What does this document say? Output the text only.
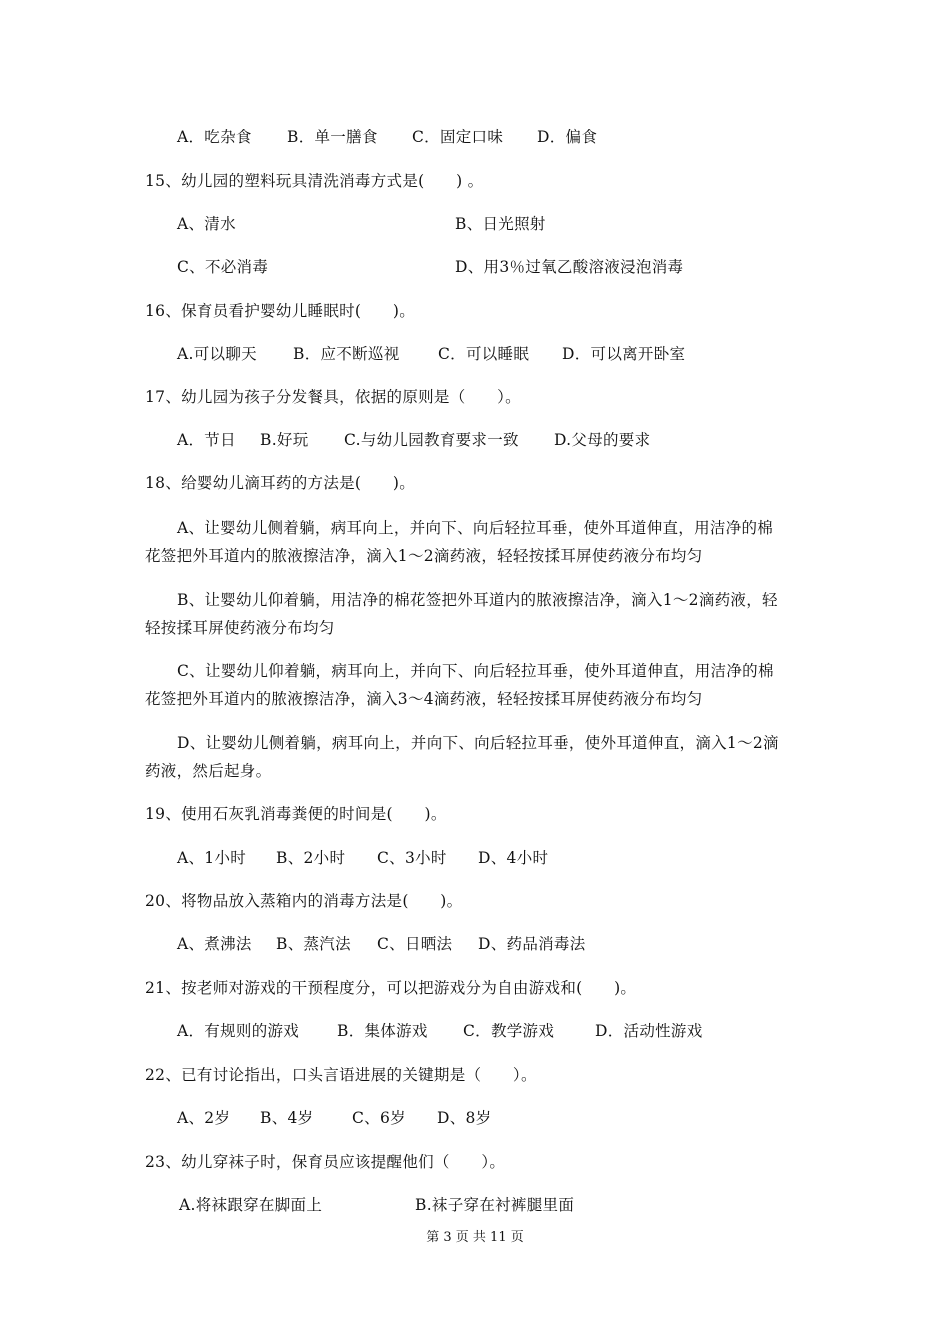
A．吃杂食 B．单一膳食 C．固定口味 D．偏食
15、幼儿园的塑料玩具清洗消毒方式是(　　) 。
A、清水	B、日光照射
C、不必消毒	D、用3％过氧乙酸溶液浸泡消毒
16、保育员看护婴幼儿睡眠时(　　)。
A.可以聊天 B．应不断巡视 C．可以睡眠 D．可以离开卧室
17、幼儿园为孩子分发餐具，依据的原则是（　　）。
A．节日 B.好玩 C.与幼儿园教育要求一致 D.父母的要求
18、给婴幼儿滴耳药的方法是(　　)。
A、让婴幼儿侧着躺，病耳向上，并向下、向后轻拉耳垂，使外耳道伸直，用洁净的棉
花签把外耳道内的脓液擦洁净，滴入1～2滴药液，轻轻按揉耳屏使药液分布均匀
B、让婴幼儿仰着躺，用洁净的棉花签把外耳道内的脓液擦洁净，滴入1～2滴药液，轻
轻按揉耳屏使药液分布均匀
C、让婴幼儿仰着躺，病耳向上，并向下、向后轻拉耳垂，使外耳道伸直，用洁净的棉
花签把外耳道内的脓液擦洁净，滴入3～4滴药液，轻轻按揉耳屏使药液分布均匀
D、让婴幼儿侧着躺，病耳向上，并向下、向后轻拉耳垂，使外耳道伸直，滴入1～2滴
药液，然后起身。
19、使用石灰乳消毒粪便的时间是(　　)。
A、1小时 B、2小时 C、3小时 D、4小时
20、将物品放入蒸箱内的消毒方法是(　　)。
A、煮沸法 B、蒸汽法 C、日晒法 D、药品消毒法
21、按老师对游戏的干预程度分，可以把游戏分为自由游戏和(　　)。
A．有规则的游戏 B．集体游戏 C．教学游戏	D．活动性游戏
22、已有讨论指出，口头言语进展的关键期是（　　）。
A、2岁 B、4岁 C、6岁 D、8岁
23、幼儿穿袜子时，保育员应该提醒他们（　　）。
A.将袜跟穿在脚面上	B.袜子穿在衬裤腿里面
第 3 页 共 11 页
